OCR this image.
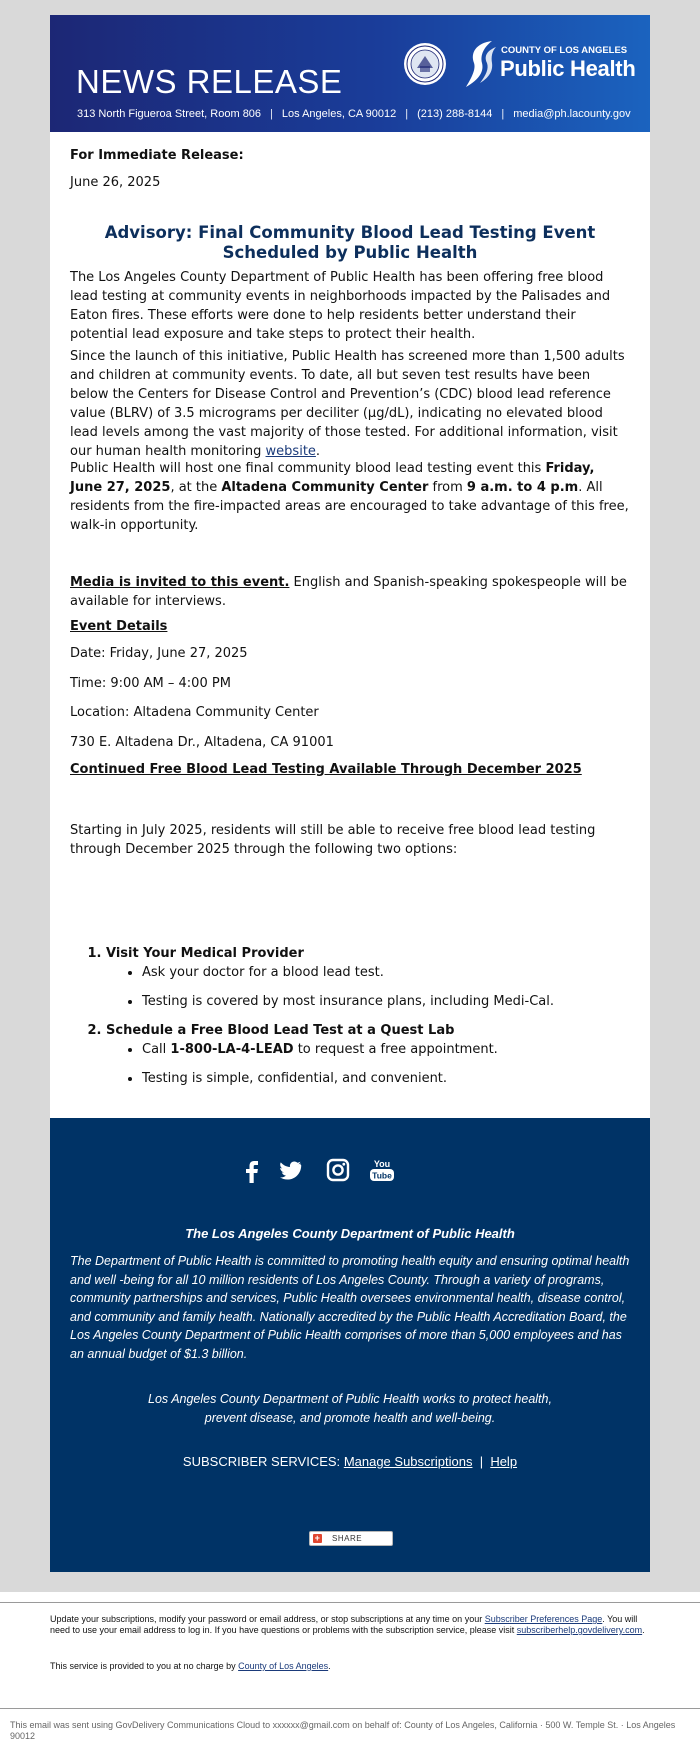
NEWS RELEASE
313 North Figueroa Street, Room 806 | Los Angeles, CA 90012 | (213) 288-8144 | media@ph.lacounty.gov
COUNTY OF LOS ANGELES
Public Health

For Immediate Release:

June 26, 2025

Advisory: Final Community Blood Lead Testing Event Scheduled by Public Health

The Los Angeles County Department of Public Health has been offering free blood lead testing at community events in neighborhoods impacted by the Palisades and Eaton fires. These efforts were done to help residents better understand their potential lead exposure and take steps to protect their health.

Since the launch of this initiative, Public Health has screened more than 1,500 adults and children at community events. To date, all but seven test results have been below the Centers for Disease Control and Prevention’s (CDC) blood lead reference value (BLRV) of 3.5 micrograms per deciliter (µg/dL), indicating no elevated blood lead levels among the vast majority of those tested. For additional information, visit our human health monitoring website.

Public Health will host one final community blood lead testing event this Friday, June 27, 2025, at the Altadena Community Center from 9 a.m. to 4 p.m. All residents from the fire-impacted areas are encouraged to take advantage of this free, walk-in opportunity.

Media is invited to this event. English and Spanish-speaking spokespeople will be available for interviews.

Event Details

Date: Friday, June 27, 2025

Time: 9:00 AM – 4:00 PM

Location: Altadena Community Center

730 E. Altadena Dr., Altadena, CA 91001

Continued Free Blood Lead Testing Available Through December 2025

Starting in July 2025, residents will still be able to receive free blood lead testing through December 2025 through the following two options:

1. Visit Your Medical Provider
• Ask your doctor for a blood lead test.
• Testing is covered by most insurance plans, including Medi-Cal.
2. Schedule a Free Blood Lead Test at a Quest Lab
• Call 1-800-LA-4-LEAD to request a free appointment.
• Testing is simple, confidential, and convenient.
You
Tube
The Los Angeles County Department of Public Health

The Department of Public Health is committed to promoting health equity and ensuring optimal health and well -being for all 10 million residents of Los Angeles County. Through a variety of programs, community partnerships and services, Public Health oversees environmental health, disease control, and community and family health. Nationally accredited by the Public Health Accreditation Board, the Los Angeles County Department of Public Health comprises of more than 5,000 employees and has an annual budget of $1.3 billion.

Los Angeles County Department of Public Health works to protect health,
prevent disease, and promote health and well-being.

SUBSCRIBER SERVICES: Manage Subscriptions | Help
+ SHARE

Update your subscriptions, modify your password or email address, or stop subscriptions at any time on your Subscriber Preferences Page. You will need to use your email address to log in. If you have questions or problems with the subscription service, please visit subscriberhelp.govdelivery.com.

This service is provided to you at no charge by County of Los Angeles.

This email was sent using GovDelivery Communications Cloud to xxxxxx@gmail.com on behalf of: County of Los Angeles, California · 500 W. Temple St. · Los Angeles 90012
